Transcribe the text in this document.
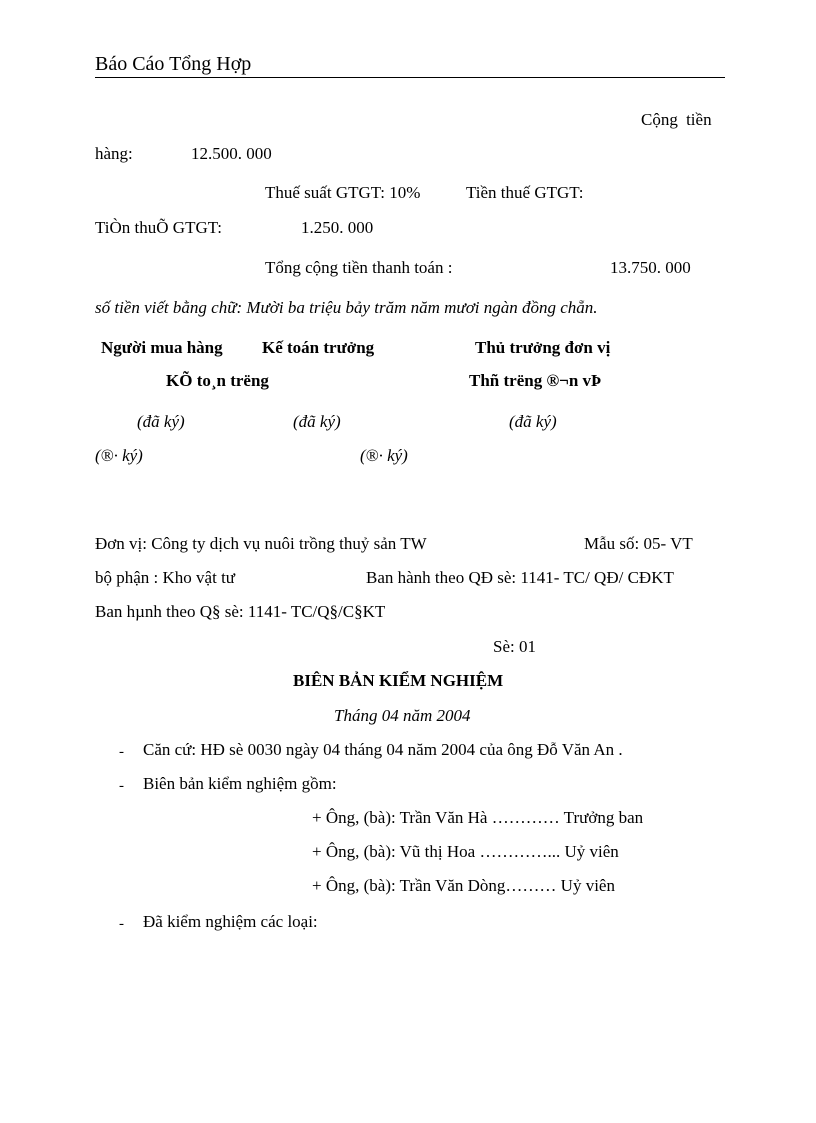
Báo Cáo Tổng Hợp
Cộng tiền
hàng:	12.500. 000
Thuế suất GTGT: 10%	Tiền thuế GTGT:
TiÒn thuÕ GTGT:	1.250. 000
Tổng cộng tiền thanh toán :	13.750. 000
số tiền viết bằng chữ: Mười ba triệu bảy trăm năm mươi ngàn đồng chẵn.
Người mua hàng Kế toán trưởng	Thủ trưởng đơn vị
KÕ to¸n trëng	Thñ trëng ®¬n vÞ
(đã ký)	(đã ký)	(đã ký)
(®· ký)	(®· ký)
Đơn vị: Công ty dịch vụ nuôi trồng thuỷ sản TW	Mẫu số: 05- VT
bộ phận : Kho vật tư	Ban hành theo QĐ sè: 1141- TC/ QĐ/ CĐKT
Ban hµnh theo Q§ sè: 1141- TC/Q§/C§KT
Sè: 01
BIÊN BẢN KIỂM NGHIỆM
Tháng 04 năm 2004
- Căn cứ: HĐ sè 0030 ngày 04 tháng 04 năm 2004 của ông Đỗ Văn An .
- Biên bản kiểm nghiệm gồm:
+ Ông, (bà): Trần Văn Hà ………… Trưởng ban
+ Ông, (bà): Vũ thị Hoa …………... Uỷ viên
+ Ông, (bà): Trần Văn Dòng……… Uỷ viên
- Đã kiểm nghiệm các loại:
